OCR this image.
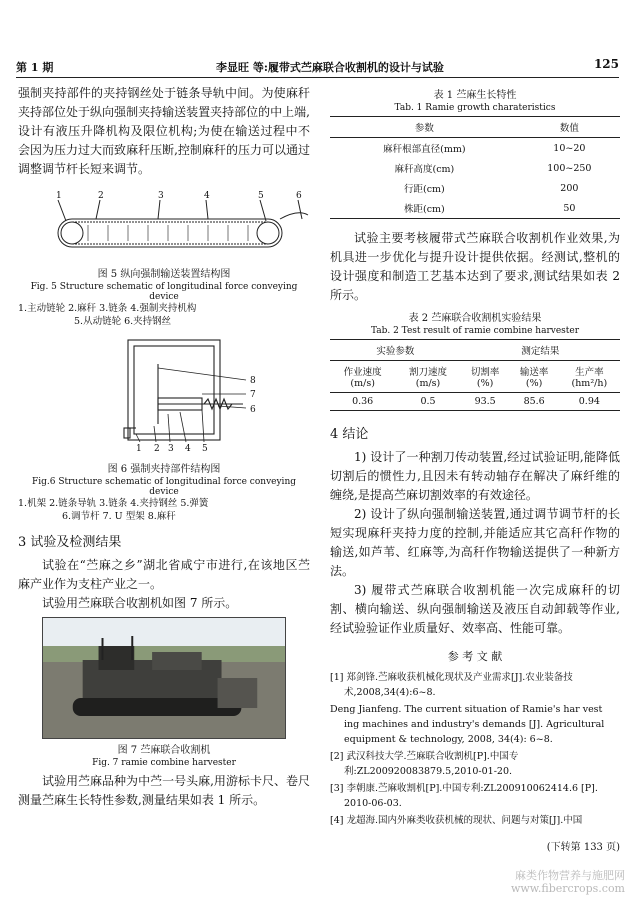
第 1 期	李显旺 等:履带式苎麻联合收割机的设计与试验	125

强制夹持部件的夹持钢丝处于链条导轨中间。为使麻秆夹持部位处于纵向强制夹持输送装置夹持部位的中上端,设计有液压升降机构及限位机构;为使在输送过程中不会因为压力过大而致麻秆压断,控制麻秆的压力可以通过调整调节杆长短来调节。

1	2	3	4	5	6

图 5 纵向强制输送装置结构图

Fig. 5 Structure schematic of longitudinal force conveying device

1.主动链轮 2.麻秆 3.链条 4.强制夹持机构

5.从动链轮 6.夹持钢丝

8
7
6
1 2 3 4 5

图 6 强制夹持部件结构图

Fig.6 Structure schematic of longitudinal force conveying device

1.机架 2.链条导轨 3.链条 4.夹持钢丝 5.弹簧

6.调节杆 7. U 型架 8.麻秆

3 试验及检测结果

试验在“苎麻之乡”湖北省咸宁市进行,在该地区苎麻产业作为支柱产业之一。

试验用苎麻联合收割机如图 7 所示。

图 7 苎麻联合收割机

Fig. 7 ramie combine harvester

试验用苎麻品种为中苎一号头麻,用游标卡尺、卷尺测量苎麻生长特性参数,测量结果如表 1 所示。

表 1 苎麻生长特性

Tab. 1 Ramie growth charateristics

参数	数值
麻秆根部直径(mm)	10~20
麻秆高度(cm)	100~250
行距(cm)	200
株距(cm)	50

试验主要考核履带式苎麻联合收割机作业效果,为机具进一步优化与提升设计提供依据。经测试,整机的设计强度和制造工艺基本达到了要求,测试结果如表 2 所示。

表 2 苎麻联合收割机实验结果

Tab. 2 Test result of ramie combine harvester

实验参数		测定结果		
作业速度
(m/s)	割刀速度
(m/s)	切割率
(%)	输送率
(%)	生产率
(hm²/h)
0.36	0.5	93.5	85.6	0.94
4 结论

1) 设计了一种割刀传动装置,经过试验证明,能降低切割后的惯性力,且因未有转动轴存在解决了麻纤维的缠绕,是提高苎麻切割效率的有效途径。

2) 设计了纵向强制输送装置,通过调节调节杆的长短实现麻秆夹持力度的控制,并能适应其它高秆作物的输送,如芦苇、红麻等,为高秆作物输送提供了一种新方法。

3) 履带式苎麻联合收割机能一次完成麻秆的切割、横向输送、纵向强制输送及液压自动卸载等作业,经试验验证作业质量好、效率高、性能可靠。

参 考 文 献

[1] 郑剑锋.苎麻收获机械化现状及产业需求[J].农业装备技术,2008,34(4):6~8.

Deng Jianfeng. The current situation of Ramie's har vest ing machines and industry's demands [J]. Agricultural equipment & technology, 2008, 34(4): 6~8.

[2] 武汉科技大学.苎麻联合收割机[P].中国专利:ZL200920083879.5,2010-01-20.

[3] 李朝康.苎麻收割机[P].中国专利:ZL200910062414.6 [P]. 2010-06-03.

[4] 龙超海.国内外麻类收获机械的现状、问题与对策[J].中国

(下转第 133 页)

麻类作物营养与施肥网
www.fibercrops.com
